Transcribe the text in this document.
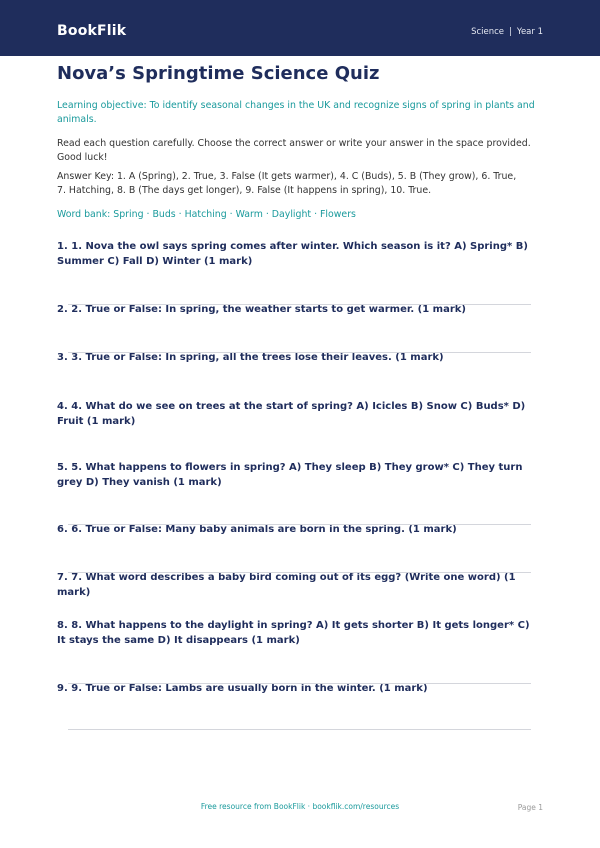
BookFlik	Science | Year 1
Nova’s Springtime Science Quiz
Learning objective: To identify seasonal changes in the UK and recognize signs of spring in plants and animals.
Read each question carefully. Choose the correct answer or write your answer in the space provided. Good luck!
Answer Key: 1. A (Spring), 2. True, 3. False (It gets warmer), 4. C (Buds), 5. B (They grow), 6. True, 7. Hatching, 8. B (The days get longer), 9. False (It happens in spring), 10. True.
Word bank: Spring · Buds · Hatching · Warm · Daylight · Flowers
1. 1. Nova the owl says spring comes after winter. Which season is it? A) Spring* B) Summer C) Fall D) Winter (1 mark)
2. 2. True or False: In spring, the weather starts to get warmer. (1 mark)
3. 3. True or False: In spring, all the trees lose their leaves. (1 mark)
4. 4. What do we see on trees at the start of spring? A) Icicles B) Snow C) Buds* D) Fruit (1 mark)
5. 5. What happens to flowers in spring? A) They sleep B) They grow* C) They turn grey D) They vanish (1 mark)
6. 6. True or False: Many baby animals are born in the spring. (1 mark)
7. 7. What word describes a baby bird coming out of its egg? (Write one word) (1 mark)
8. 8. What happens to the daylight in spring? A) It gets shorter B) It gets longer* C) It stays the same D) It disappears (1 mark)
9. 9. True or False: Lambs are usually born in the winter. (1 mark)
Free resource from BookFlik · bookflik.com/resources	Page 1
